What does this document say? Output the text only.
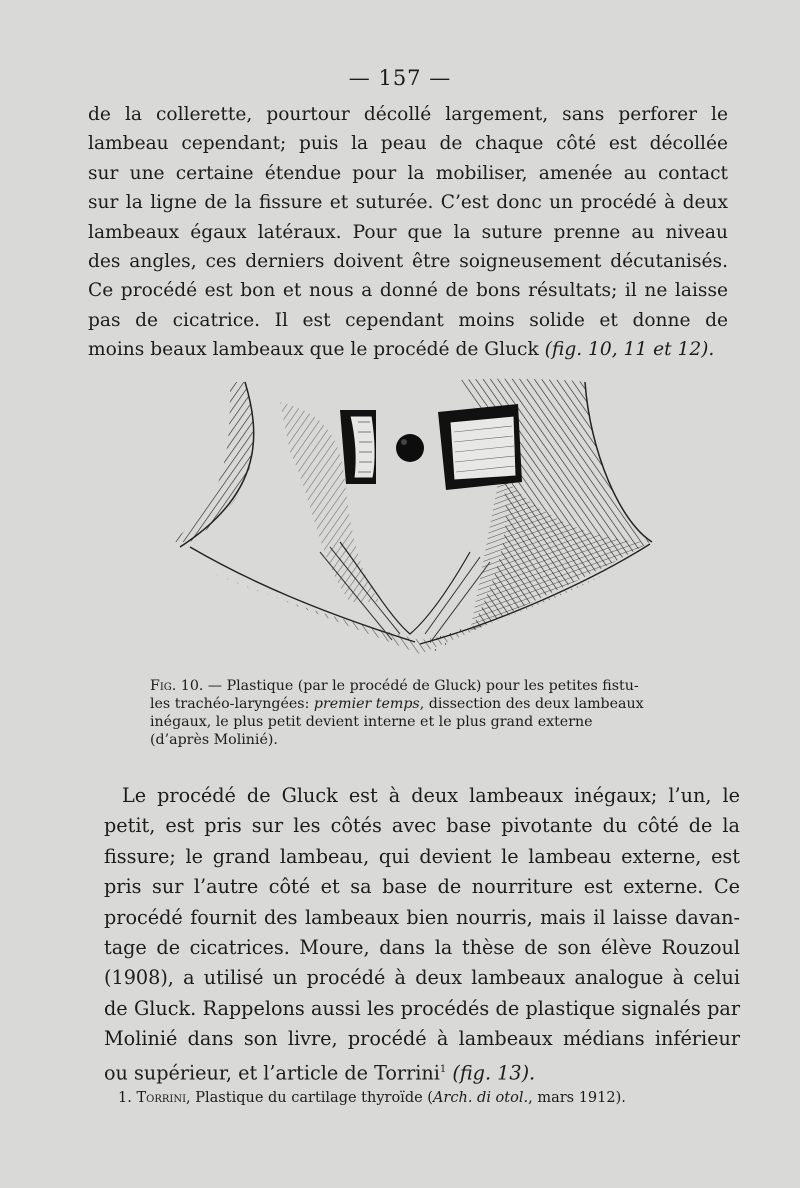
— 157 —
de la collerette, pourtour décollé largement, sans perforer le
lambeau cependant; puis la peau de chaque côté est décollée
sur une certaine étendue pour la mobiliser, amenée au contact
sur la ligne de la fissure et suturée. C’est donc un procédé à deux
lambeaux égaux latéraux. Pour que la suture prenne au niveau
des angles, ces derniers doivent être soigneusement décutanisés.
Ce procédé est bon et nous a donné de bons résultats; il ne laisse
pas de cicatrice. Il est cependant moins solide et donne de
moins beaux lambeaux que le procédé de Gluck (fig. 10, 11 et 12).
Fig. 10. — Plastique (par le procédé de Gluck) pour les petites fistu-
les trachéo-laryngées: premier temps, dissection des deux lambeaux
inégaux, le plus petit devient interne et le plus grand externe
(d’après Molinié).
Le procédé de Gluck est à deux lambeaux inégaux; l’un, le
petit, est pris sur les côtés avec base pivotante du côté de la
fissure; le grand lambeau, qui devient le lambeau externe, est
pris sur l’autre côté et sa base de nourriture est externe. Ce
procédé fournit des lambeaux bien nourris, mais il laisse davan-
tage de cicatrices. Moure, dans la thèse de son élève Rouzoul
(1908), a utilisé un procédé à deux lambeaux analogue à celui
de Gluck. Rappelons aussi les procédés de plastique signalés par
Molinié dans son livre, procédé à lambeaux médians inférieur
ou supérieur, et l’article de Torrini$^1$ (fig. 13).
1. Torrini, Plastique du cartilage thyroïde (Arch. di otol., mars 1912).
